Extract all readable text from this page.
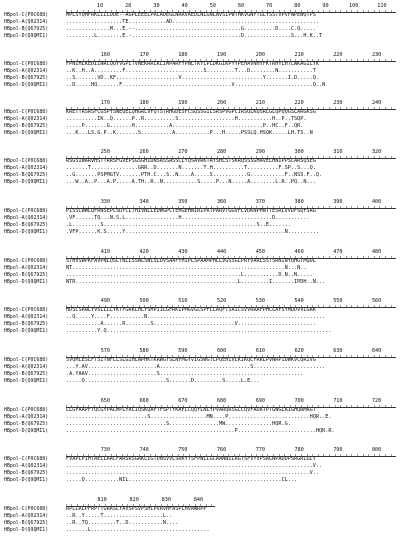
10	20	30	40	50	60	70	80	90	100	110
HBpol-C(P0C688)	MPLSYQHFRKLLLLDDE--AGPLEEELPRLADEGLNRRVAEDLNLGNLNVSIPWTHKVGNFTGLYSSTVPVFNPEWQTPS
HBpol-A(Q02314)	..................TE............AD...............................................
HBpol-B(Q67925)	..............M...E.--..................................G..........D....C.Q.....
HBpol-D(Q9QMI1)	.........L........E.-...................................D...............S...H.K..T
160	170	180	190	200	210	220	230
HBpol-C(P0C688)	FPNIHLKEDIINRCQQYVGPLTVNEKRRLKLIMPARFYPNLTKYLPLDKGIKPYYPEHAVNHYFKTRHYLHTLWKAGILYK
HBpol-A(Q02314)	..K..H..A.........F.........................S.........T...D........N...........T
HBpol-B(Q67925)	..S.......VD..KF....................V..........................Y.......I.D.....Q.
HBpol-D(Q9QMI1)	..D.....HQ.......F...................................V.........................Q..N
170	180	190	200	210	220	230	240
HBpol-C(P0C688)	KRETTRSASFCGSPYSWEQELQHGRLVFQTSTRHGDESFCSQSSGILSRSPVGPCIRSQLKQSRLGLQPQQGSLARGKSG
HBpol-A(Q02314)	..........IK..Q......P..R..........S..................H...........H..P..TSQP.
HBpol-B(Q67925)	.....P.......G.......H...........A.............................P..HC..F..QR.
HBpol-D(Q9QMI1)	...K...LS.G.P..K.......S..........A...........P...H.....PSSLQ.HSQK.....LH.TS..N
250	260	270	280	290	300	310	320
HBpol-C(P0C688)	RSGSIWARVHSTTRRSFGVEPSGSGHIDNSASSASSCLYQSAVRKTAYSHLSTSKRQSSSGHAVELHNIPPSCARSQSEG
HBpol-A(Q02314)	.......T...............GRR..D.......N.......T.H..........T..........F.SP..S...Q.
HBpol-B(Q67925)	..G.......PSPMGTV.......PTH.C...S..N....A.....S...........G...........F..NSS.F..Q.
HBpol-D(Q9QMI1)	...W..A..P...A.P.....A.TH..R..N...........S.....P...N.....A........L.R..PQ..N...
330	340	350	360	370	380	390	400
HBpol-C(P0C688)	PISSCWWLQFRNSEPCSDYCLTHIVNLLEDWGPCTEHGEHNIRIPRTPARVTGGVFLVDKNPHNTTESRLVVDFSQFSRG
HBpol-A(Q02314)	.VF......TQ...N.S.L.................H.............................D...........
HBpol-B(Q67925)	.L.........S.................................................S..E.......
HBpol-D(Q9QMI1)	.VFP......K.S.....Y...................................................N..........
410	420	430	440	450	460	470	480
HBpol-C(P0C688)	STHVSWPKFAVPNLQSLTNLLSSNLSWLSLDVSAAFYHIPLSPAAMPHLLVGSSGLPRYVARLSSTSRNINYQHGTMQDL
HBpol-A(Q02314)	NT....................................................................N...N..
HBpol-B(Q67925)	........................................................L...........D.N..N.....
HBpol-D(Q9QMI1)	NTR....................................................L.........I.......IPDH..N...
490	500	510	520	530	540	550	560
HBpol-C(P0C688)	HDSCSRNLYVSLLLLYKTFGRKLHLYSHPIILGFRKIPMGVGLSPFLLAQFTSAICSVVRRAFPHCLAFSYMDDVVLGAK
HBpol-A(Q02314)	..Q.....Y....F...........N.........................................................
HBpol-B(Q67925)	...........A......R........S..........................V.........................
HBpol-D(Q9QMI1)	..........Y.Q........................................................................
570	580	590	600	610	620	630	640
HBpol-C(P0C688)	SVQHLESLFTSITNFLLSLGIHLNPHKTKRWGYSLNFMGYVIGSWGTLPQEHIVLKIKQCFRKLPVNRPIDWKVCQRIVG
HBpol-A(Q02314)	...Y.AV......................A.............................S.......................
HBpol-B(Q67925)	.A.YAAV......................S..............................................
HBpol-D(Q9QMI1)	.....Q..........................S.......D.........S.....L.E...
650	660	670	680	690	700	710	720
HBpol-C(P0C688)	LLGFAAPFTQCGYPALMPLYACIQSKQAFTFSPTYKAFLCQQYLNLYPVARQRSGLCQVFADATPTGWGLAIGHQRMRGT
HBpol-A(Q02314)	..........................S..................MN....P..........................HQR..E.
HBpol-B(Q67925)	................................S................MW...............HQR.G.
HBpol-D(Q9QMI1)	......................................................P.........................HQR.R.
730	740	750	760	770	780	790	800
HBpol-C(P0C688)	FVAPLPIHTAELLAACFARSRSGAKLIGTDNSVVLSRKYTSFPWLLGCAANWILRGTSFVYVPSALNPADDPSRGRLGLY
HBpol-A(Q02314)	...............................................................................V..
HBpol-B(Q67925)	..............................................................................V..
HBpol-D(Q9QMI1)	.....Q...........NIL.................................................CL...
810	820	830	840
HBpol-C(P0C688)	RPLLRLPFRPTTGRASLYAVSPSVPSHLPVRVHFASPLHVAWRPP
HBpol-A(Q02314)	..R..Y.....T...................L..
HBpol-B(Q67925)	..R..TQ.........T..D...........N....
HBpol-D(Q9QMI1)	.......L......................................
